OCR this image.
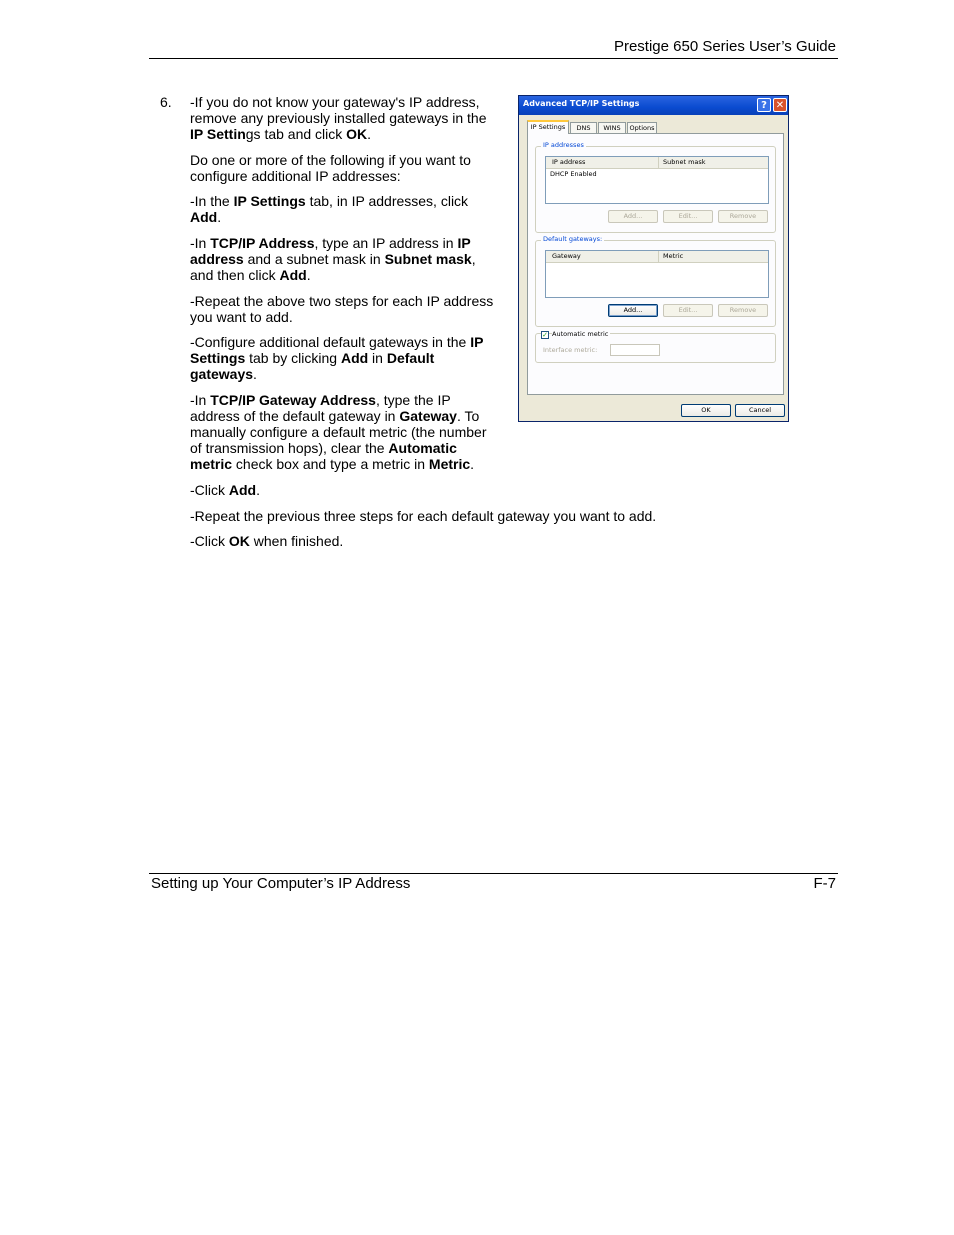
Prestige 650 Series User’s Guide
6. -If you do not know your gateway's IP address, remove any previously installed gateways in the IP Settings tab and click OK.

Do one or more of the following if you want to configure additional IP addresses:

-In the IP Settings tab, in IP addresses, click Add.

-In TCP/IP Address, type an IP address in IP address and a subnet mask in Subnet mask, and then click Add.

-Repeat the above two steps for each IP address you want to add.

-Configure additional default gateways in the IP Settings tab by clicking Add in Default gateways.

-In TCP/IP Gateway Address, type the IP address of the default gateway in Gateway. To manually configure a default metric (the number of transmission hops), clear the Automatic metric check box and type a metric in Metric.

-Click Add.

-Repeat the previous three steps for each default gateway you want to add.

-Click OK when finished.

Advanced TCP/IP Settings	? ✕
IP Settings	DNS	WINS	Options
IP addresses
IP address	Subnet mask
DHCP Enabled
Add...	Edit...	Remove
Default gateways:
Gateway	Metric
Add...	Edit...	Remove
✓ Automatic metric
Interface metric:
OK	Cancel
Setting up Your Computer’s IP Address	F-7
